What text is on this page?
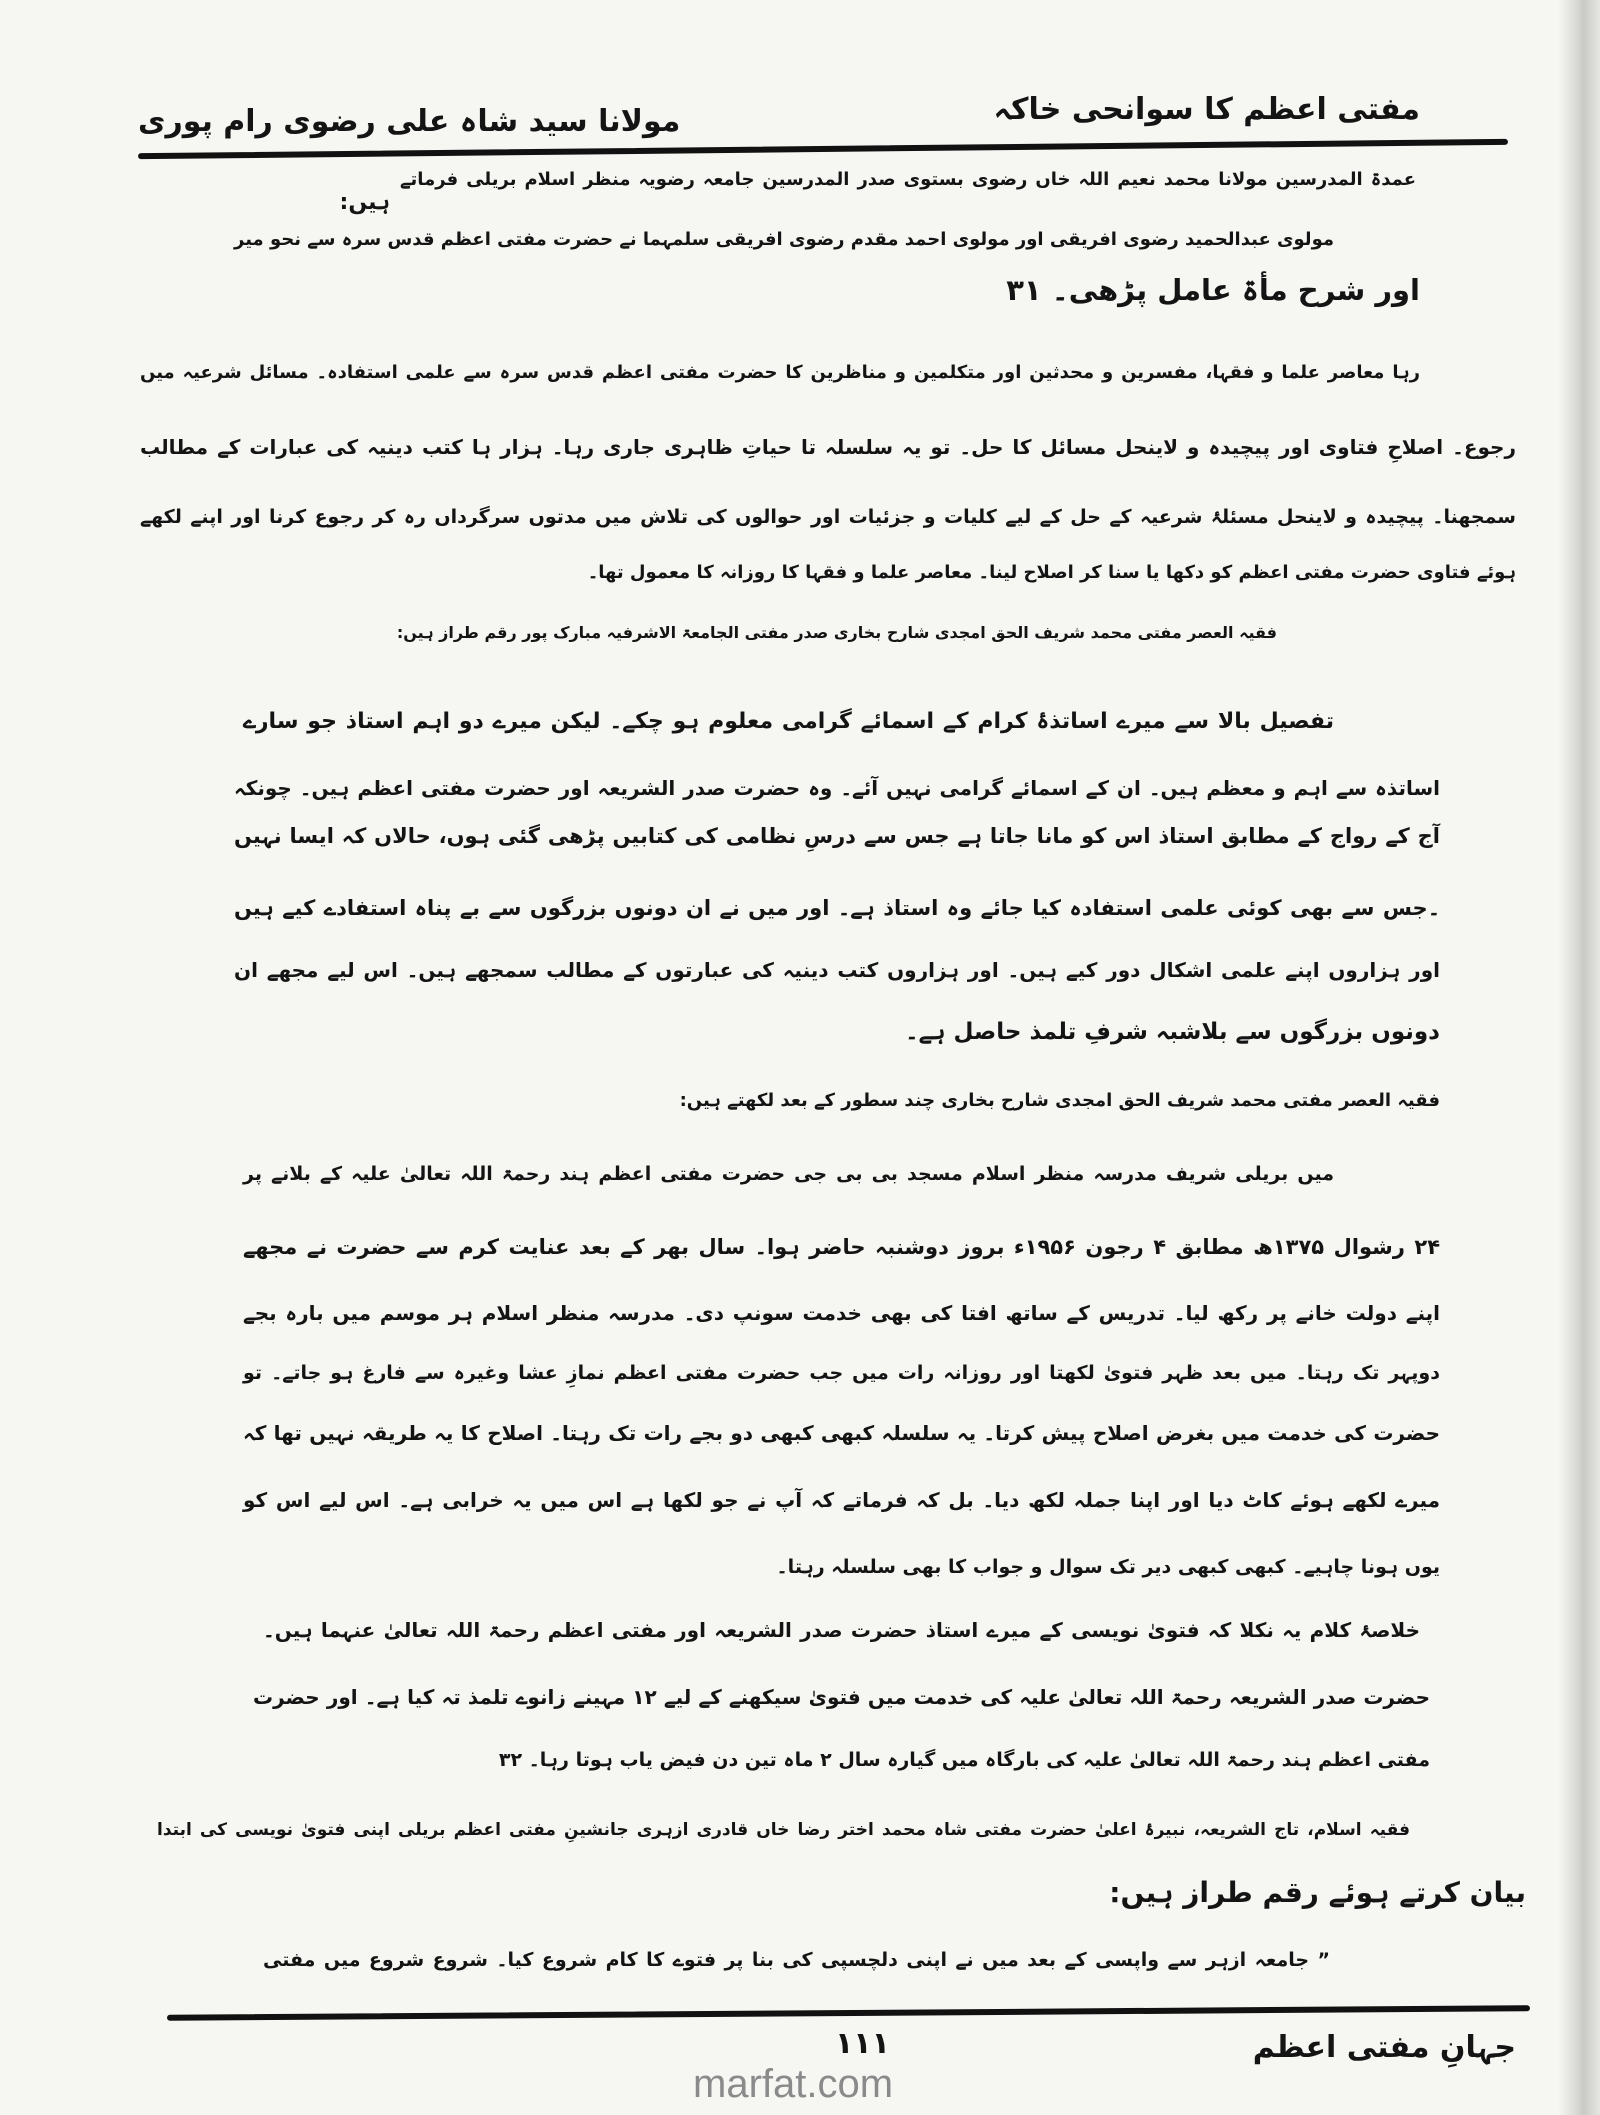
مفتی اعظم کا سوانحی خاکہ
مولانا سید شاہ علی رضوی رام پوری
عمدۃ المدرسین مولانا محمد نعیم اللہ خاں رضوی بستوی صدر المدرسین جامعہ رضویہ منظر اسلام بریلی فرماتے
ہیں:
مولوی عبدالحمید رضوی افریقی اور مولوی احمد مقدم رضوی افریقی سلمہما نے حضرت مفتی اعظم قدس سرہ سے نحو میر
اور شرح مأۃ عامل پڑھی۔ ۳۱
رہا معاصر علما و فقہا، مفسرین و محدثین اور متکلمین و مناظرین کا حضرت مفتی اعظم قدس سرہ سے علمی استفادہ۔ مسائل شرعیہ میں
رجوع۔ اصلاحِ فتاوی اور پیچیدہ و لاینحل مسائل کا حل۔ تو یہ سلسلہ تا حیاتِ ظاہری جاری رہا۔ ہزار ہا کتب دینیہ کی عبارات کے مطالب
سمجھنا۔ پیچیدہ و لاینحل مسئلۂ شرعیہ کے حل کے لیے کلیات و جزئیات اور حوالوں کی تلاش میں مدتوں سرگرداں رہ کر رجوع کرنا اور اپنے لکھے
ہوئے فتاوی حضرت مفتی اعظم کو دکھا یا سنا کر اصلاح لینا۔ معاصر علما و فقہا کا روزانہ کا معمول تھا۔
فقیہ العصر مفتی محمد شریف الحق امجدی شارح بخاری صدر مفتی الجامعۃ الاشرفیہ مبارک پور رقم طراز ہیں:
تفصیل بالا سے میرے اساتذۂ کرام کے اسمائے گرامی معلوم ہو چکے۔ لیکن میرے دو اہم استاذ جو سارے
اساتذہ سے اہم و معظم ہیں۔ ان کے اسمائے گرامی نہیں آئے۔ وہ حضرت صدر الشریعہ اور حضرت مفتی اعظم ہیں۔ چونکہ
آج کے رواج کے مطابق استاذ اس کو مانا جاتا ہے جس سے درسِ نظامی کی کتابیں پڑھی گئی ہوں، حالاں کہ ایسا نہیں
۔جس سے بھی کوئی علمی استفادہ کیا جائے وہ استاذ ہے۔ اور میں نے ان دونوں بزرگوں سے بے پناہ استفادے کیے ہیں
اور ہزاروں اپنے علمی اشکال دور کیے ہیں۔ اور ہزاروں کتب دینیہ کی عبارتوں کے مطالب سمجھے ہیں۔ اس لیے مجھے ان
دونوں بزرگوں سے بلاشبہ شرفِ تلمذ حاصل ہے۔
فقیہ العصر مفتی محمد شریف الحق امجدی شارح بخاری چند سطور کے بعد لکھتے ہیں:
میں بریلی شریف مدرسہ منظر اسلام مسجد بی بی جی حضرت مفتی اعظم ہند رحمۃ اللہ تعالیٰ علیہ کے بلانے پر
۲۴ رشوال ۱۳۷۵ھ مطابق ۴ رجون ۱۹۵۶ء بروز دوشنبہ حاضر ہوا۔ سال بھر کے بعد عنایت کرم سے حضرت نے مجھے
اپنے دولت خانے پر رکھ لیا۔ تدریس کے ساتھ افتا کی بھی خدمت سونپ دی۔ مدرسہ منظر اسلام ہر موسم میں بارہ بجے
دوپہر تک رہتا۔ میں بعد ظہر فتویٰ لکھتا اور روزانہ رات میں جب حضرت مفتی اعظم نمازِ عشا وغیرہ سے فارغ ہو جاتے۔ تو
حضرت کی خدمت میں بغرض اصلاح پیش کرتا۔ یہ سلسلہ کبھی کبھی دو بجے رات تک رہتا۔ اصلاح کا یہ طریقہ نہیں تھا کہ
میرے لکھے ہوئے کاٹ دیا اور اپنا جملہ لکھ دیا۔ بل کہ فرماتے کہ آپ نے جو لکھا ہے اس میں یہ خرابی ہے۔ اس لیے اس کو
یوں ہونا چاہیے۔ کبھی کبھی دیر تک سوال و جواب کا بھی سلسلہ رہتا۔
خلاصۂ کلام یہ نکلا کہ فتویٰ نویسی کے میرے استاذ حضرت صدر الشریعہ اور مفتی اعظم رحمۃ اللہ تعالیٰ عنہما ہیں۔
حضرت صدر الشریعہ رحمۃ اللہ تعالیٰ علیہ کی خدمت میں فتویٰ سیکھنے کے لیے ۱۲ مہینے زانوے تلمذ تہ کیا ہے۔ اور حضرت
مفتی اعظم ہند رحمۃ اللہ تعالیٰ علیہ کی بارگاہ میں گیارہ سال ۲ ماہ تین دن فیض یاب ہوتا رہا۔ ۳۲
فقیہ اسلام، تاج الشریعہ، نبیرۂ اعلیٰ حضرت مفتی شاہ محمد اختر رضا خاں قادری ازہری جانشینِ مفتی اعظم بریلی اپنی فتویٰ نویسی کی ابتدا
بیان کرتے ہوئے رقم طراز ہیں:
” جامعہ ازہر سے واپسی کے بعد میں نے اپنی دلچسپی کی بنا پر فتوے کا کام شروع کیا۔ شروع شروع میں مفتی
جہانِ مفتی اعظم
۱۱۱
marfat.com
